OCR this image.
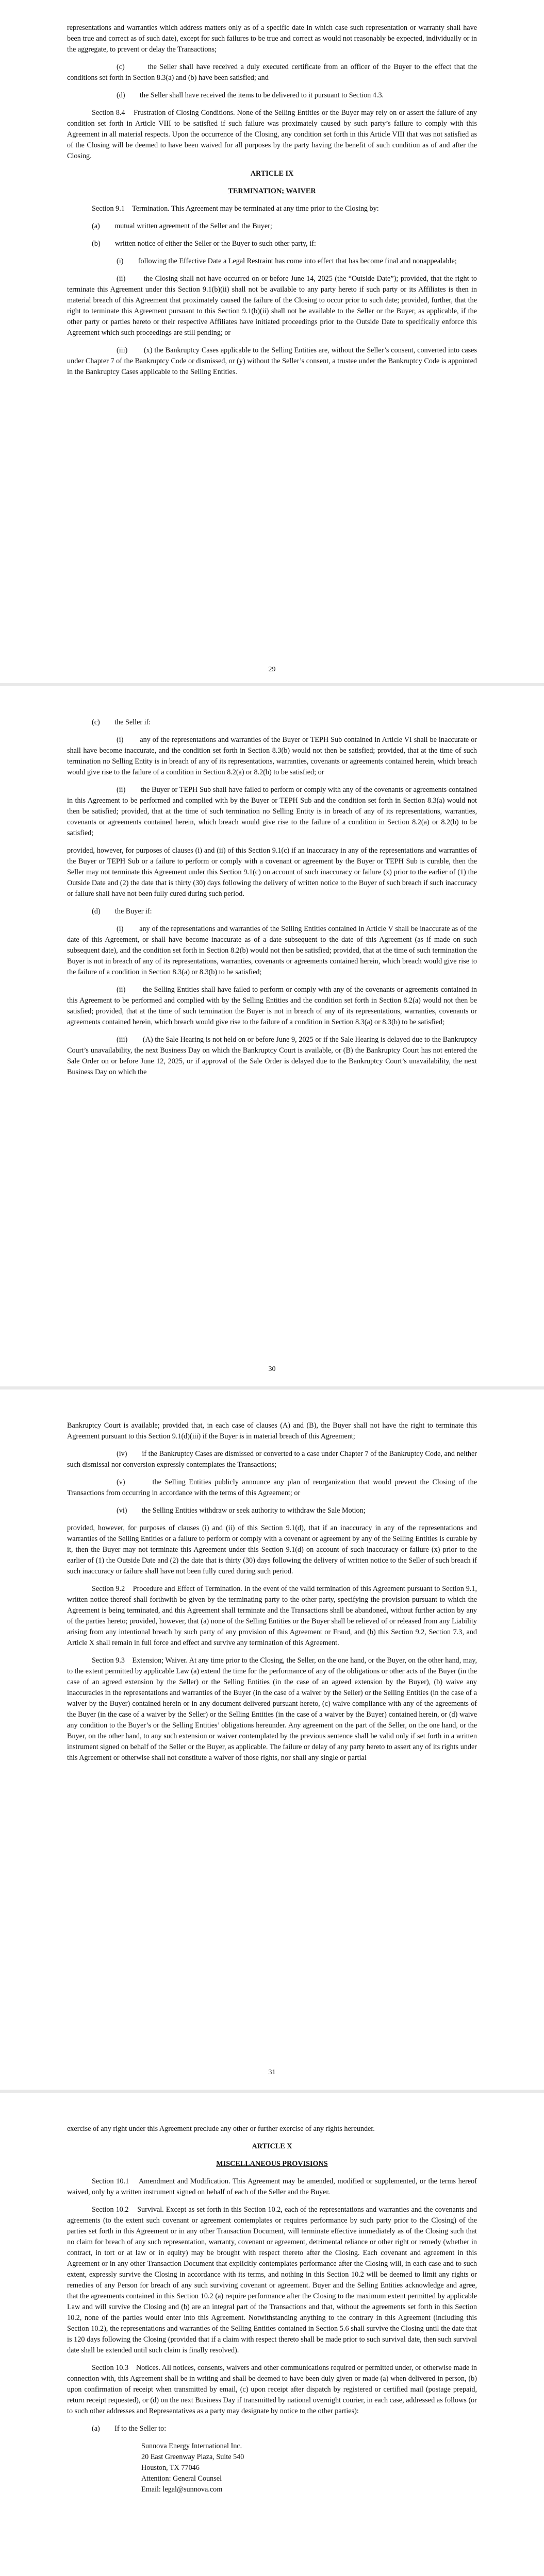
representations and warranties which address matters only as of a specific date in which case such representation or warranty shall have been true and correct as of such date), except for such failures to be true and correct as would not reasonably be expected, individually or in the aggregate, to prevent or delay the Transactions;

(c)        the Seller shall have received a duly executed certificate from an officer of the Buyer to the effect that the conditions set forth in Section 8.3(a) and (b) have been satisfied; and

(d)        the Seller shall have received the items to be delivered to it pursuant to Section 4.3.

Section 8.4    Frustration of Closing Conditions. None of the Selling Entities or the Buyer may rely on or assert the failure of any condition set forth in Article VIII to be satisfied if such failure was proximately caused by such party’s failure to comply with this Agreement in all material respects. Upon the occurrence of the Closing, any condition set forth in this Article VIII that was not satisfied as of the Closing will be deemed to have been waived for all purposes by the party having the benefit of such condition as of and after the Closing.

ARTICLE IX

TERMINATION; WAIVER

Section 9.1    Termination. This Agreement may be terminated at any time prior to the Closing by:

(a)        mutual written agreement of the Seller and the Buyer;

(b)        written notice of either the Seller or the Buyer to such other party, if:

(i)        following the Effective Date a Legal Restraint has come into effect that has become final and nonappealable;

(ii)        the Closing shall not have occurred on or before June 14, 2025 (the “Outside Date”); provided, that the right to terminate this Agreement under this Section 9.1(b)(ii) shall not be available to any party hereto if such party or its Affiliates is then in material breach of this Agreement that proximately caused the failure of the Closing to occur prior to such date; provided, further, that the right to terminate this Agreement pursuant to this Section 9.1(b)(ii) shall not be available to the Seller or the Buyer, as applicable, if the other party or parties hereto or their respective Affiliates have initiated proceedings prior to the Outside Date to specifically enforce this Agreement which such proceedings are still pending; or

(iii)        (x) the Bankruptcy Cases applicable to the Selling Entities are, without the Seller’s consent, converted into cases under Chapter 7 of the Bankruptcy Code or dismissed, or (y) without the Seller’s consent, a trustee under the Bankruptcy Code is appointed in the Bankruptcy Cases applicable to the Selling Entities.

29

(c)        the Seller if:

(i)        any of the representations and warranties of the Buyer or TEPH Sub contained in Article VI shall be inaccurate or shall have become inaccurate, and the condition set forth in Section 8.3(b) would not then be satisfied; provided, that at the time of such termination no Selling Entity is in breach of any of its representations, warranties, covenants or agreements contained herein, which breach would give rise to the failure of a condition in Section 8.2(a) or 8.2(b) to be satisfied; or

(ii)        the Buyer or TEPH Sub shall have failed to perform or comply with any of the covenants or agreements contained in this Agreement to be performed and complied with by the Buyer or TEPH Sub and the condition set forth in Section 8.3(a) would not then be satisfied; provided, that at the time of such termination no Selling Entity is in breach of any of its representations, warranties, covenants or agreements contained herein, which breach would give rise to the failure of a condition in Section 8.2(a) or 8.2(b) to be satisfied;

provided, however, for purposes of clauses (i) and (ii) of this Section 9.1(c) if an inaccuracy in any of the representations and warranties of the Buyer or TEPH Sub or a failure to perform or comply with a covenant or agreement by the Buyer or TEPH Sub is curable, then the Seller may not terminate this Agreement under this Section 9.1(c) on account of such inaccuracy or failure (x) prior to the earlier of (1) the Outside Date and (2) the date that is thirty (30) days following the delivery of written notice to the Buyer of such breach if such inaccuracy or failure shall have not been fully cured during such period.

(d)        the Buyer if:

(i)        any of the representations and warranties of the Selling Entities contained in Article V shall be inaccurate as of the date of this Agreement, or shall have become inaccurate as of a date subsequent to the date of this Agreement (as if made on such subsequent date), and the condition set forth in Section 8.2(b) would not then be satisfied; provided, that at the time of such termination the Buyer is not in breach of any of its representations, warranties, covenants or agreements contained herein, which breach would give rise to the failure of a condition in Section 8.3(a) or 8.3(b) to be satisfied;

(ii)        the Selling Entities shall have failed to perform or comply with any of the covenants or agreements contained in this Agreement to be performed and complied with by the Selling Entities and the condition set forth in Section 8.2(a) would not then be satisfied; provided, that at the time of such termination the Buyer is not in breach of any of its representations, warranties, covenants or agreements contained herein, which breach would give rise to the failure of a condition in Section 8.3(a) or 8.3(b) to be satisfied;

(iii)        (A) the Sale Hearing is not held on or before June 9, 2025 or if the Sale Hearing is delayed due to the Bankruptcy Court’s unavailability, the next Business Day on which the Bankruptcy Court is available, or (B) the Bankruptcy Court has not entered the Sale Order on or before June 12, 2025, or if approval of the Sale Order is delayed due to the Bankruptcy Court’s unavailability, the next Business Day on which the

30

Bankruptcy Court is available; provided that, in each case of clauses (A) and (B), the Buyer shall not have the right to terminate this Agreement pursuant to this Section 9.1(d)(iii) if the Buyer is in material breach of this Agreement;

(iv)        if the Bankruptcy Cases are dismissed or converted to a case under Chapter 7 of the Bankruptcy Code, and neither such dismissal nor conversion expressly contemplates the Transactions;

(v)        the Selling Entities publicly announce any plan of reorganization that would prevent the Closing of the Transactions from occurring in accordance with the terms of this Agreement; or

(vi)        the Selling Entities withdraw or seek authority to withdraw the Sale Motion;

provided, however, for purposes of clauses (i) and (ii) of this Section 9.1(d), that if an inaccuracy in any of the representations and warranties of the Selling Entities or a failure to perform or comply with a covenant or agreement by any of the Selling Entities is curable by it, then the Buyer may not terminate this Agreement under this Section 9.1(d) on account of such inaccuracy or failure (x) prior to the earlier of (1) the Outside Date and (2) the date that is thirty (30) days following the delivery of written notice to the Seller of such breach if such inaccuracy or failure shall have not been fully cured during such period.

Section 9.2    Procedure and Effect of Termination. In the event of the valid termination of this Agreement pursuant to Section 9.1, written notice thereof shall forthwith be given by the terminating party to the other party, specifying the provision pursuant to which the Agreement is being terminated, and this Agreement shall terminate and the Transactions shall be abandoned, without further action by any of the parties hereto; provided, however, that (a) none of the Selling Entities or the Buyer shall be relieved of or released from any Liability arising from any intentional breach by such party of any provision of this Agreement or Fraud, and (b) this Section 9.2, Section 7.3, and Article X shall remain in full force and effect and survive any termination of this Agreement.

Section 9.3    Extension; Waiver. At any time prior to the Closing, the Seller, on the one hand, or the Buyer, on the other hand, may, to the extent permitted by applicable Law (a) extend the time for the performance of any of the obligations or other acts of the Buyer (in the case of an agreed extension by the Seller) or the Selling Entities (in the case of an agreed extension by the Buyer), (b) waive any inaccuracies in the representations and warranties of the Buyer (in the case of a waiver by the Seller) or the Selling Entities (in the case of a waiver by the Buyer) contained herein or in any document delivered pursuant hereto, (c) waive compliance with any of the agreements of the Buyer (in the case of a waiver by the Seller) or the Selling Entities (in the case of a waiver by the Buyer) contained herein, or (d) waive any condition to the Buyer’s or the Selling Entities’ obligations hereunder. Any agreement on the part of the Seller, on the one hand, or the Buyer, on the other hand, to any such extension or waiver contemplated by the previous sentence shall be valid only if set forth in a written instrument signed on behalf of the Seller or the Buyer, as applicable. The failure or delay of any party hereto to assert any of its rights under this Agreement or otherwise shall not constitute a waiver of those rights, nor shall any single or partial

31

exercise of any right under this Agreement preclude any other or further exercise of any rights hereunder.

ARTICLE X

MISCELLANEOUS PROVISIONS

Section 10.1    Amendment and Modification. This Agreement may be amended, modified or supplemented, or the terms hereof waived, only by a written instrument signed on behalf of each of the Seller and the Buyer.

Section 10.2    Survival. Except as set forth in this Section 10.2, each of the representations and warranties and the covenants and agreements (to the extent such covenant or agreement contemplates or requires performance by such party prior to the Closing) of the parties set forth in this Agreement or in any other Transaction Document, will terminate effective immediately as of the Closing such that no claim for breach of any such representation, warranty, covenant or agreement, detrimental reliance or other right or remedy (whether in contract, in tort or at law or in equity) may be brought with respect thereto after the Closing. Each covenant and agreement in this Agreement or in any other Transaction Document that explicitly contemplates performance after the Closing will, in each case and to such extent, expressly survive the Closing in accordance with its terms, and nothing in this Section 10.2 will be deemed to limit any rights or remedies of any Person for breach of any such surviving covenant or agreement. Buyer and the Selling Entities acknowledge and agree, that the agreements contained in this Section 10.2 (a) require performance after the Closing to the maximum extent permitted by applicable Law and will survive the Closing and (b) are an integral part of the Transactions and that, without the agreements set forth in this Section 10.2, none of the parties would enter into this Agreement. Notwithstanding anything to the contrary in this Agreement (including this Section 10.2), the representations and warranties of the Selling Entities contained in Section 5.6 shall survive the Closing until the date that is 120 days following the Closing (provided that if a claim with respect thereto shall be made prior to such survival date, then such survival date shall be extended until such claim is finally resolved).

Section 10.3    Notices. All notices, consents, waivers and other communications required or permitted under, or otherwise made in connection with, this Agreement shall be in writing and shall be deemed to have been duly given or made (a) when delivered in person, (b) upon confirmation of receipt when transmitted by email, (c) upon receipt after dispatch by registered or certified mail (postage prepaid, return receipt requested), or (d) on the next Business Day if transmitted by national overnight courier, in each case, addressed as follows (or to such other addresses and Representatives as a party may designate by notice to the other parties):

(a)        If to the Seller to:

Sunnova Energy International Inc.
20 East Greenway Plaza, Suite 540
Houston, TX 77046
Attention: General Counsel
Email: legal@sunnova.com
